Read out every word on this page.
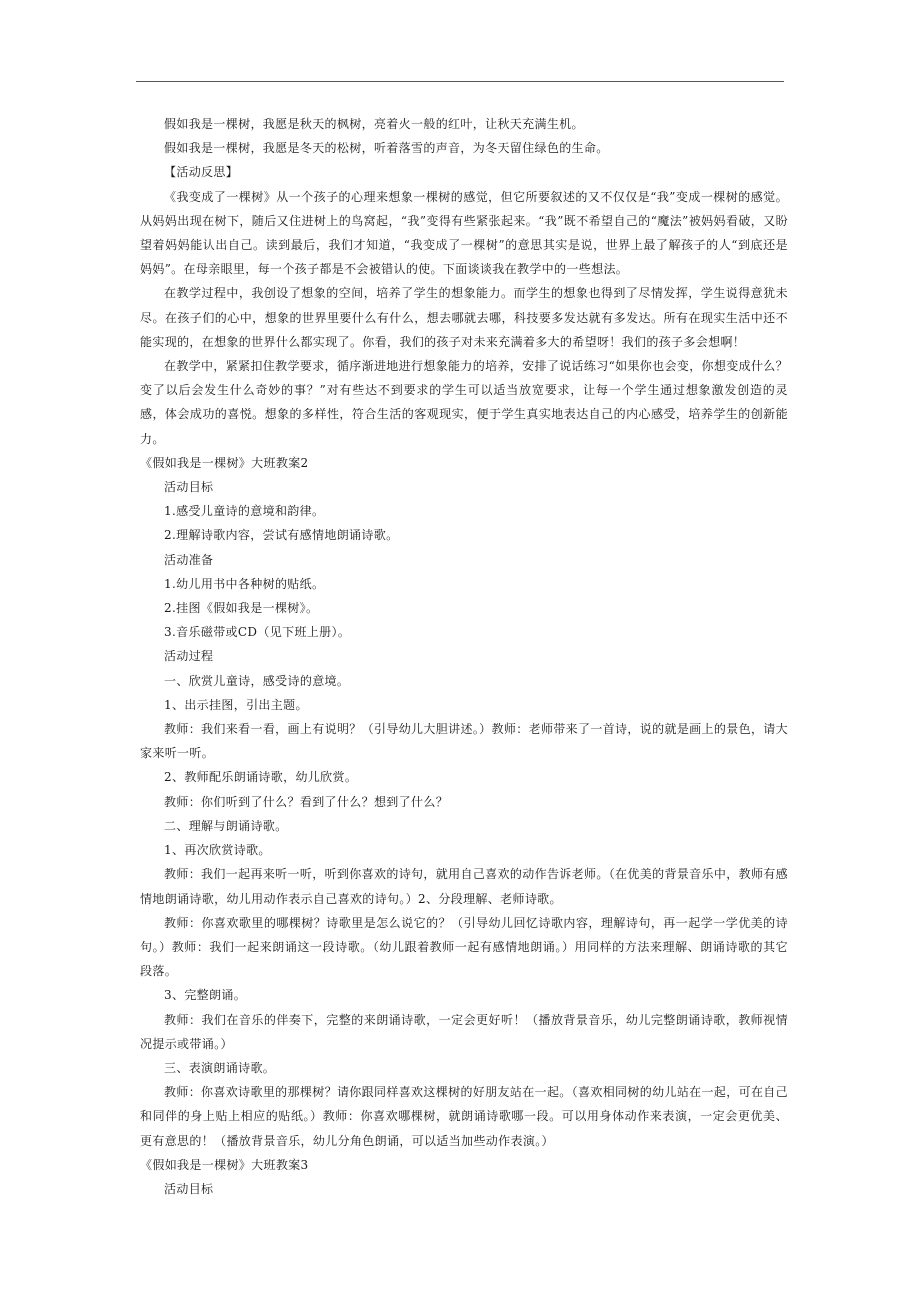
假如我是一棵树，我愿是秋天的枫树，亮着火一般的红叶，让秋天充满生机。

假如我是一棵树，我愿是冬天的松树，听着落雪的声音，为冬天留住绿色的生命。

【活动反思】

《我变成了一棵树》从一个孩子的心理来想象一棵树的感觉，但它所要叙述的又不仅仅是“我”变成一棵树的感觉。从妈妈出现在树下，随后又住进树上的鸟窝起，“我”变得有些紧张起来。“我”既不希望自己的“魔法”被妈妈看破，又盼望着妈妈能认出自己。读到最后，我们才知道，“我变成了一棵树”的意思其实是说，世界上最了解孩子的人“到底还是妈妈”。在母亲眼里，每一个孩子都是不会被错认的使。下面谈谈我在教学中的一些想法。

在教学过程中，我创设了想象的空间，培养了学生的想象能力。而学生的想象也得到了尽情发挥，学生说得意犹未尽。在孩子们的心中，想象的世界里要什么有什么，想去哪就去哪，科技要多发达就有多发达。所有在现实生活中还不能实现的，在想象的世界什么都实现了。你看，我们的孩子对未来充满着多大的希望呀！我们的孩子多会想啊！

在教学中，紧紧扣住教学要求，循序渐进地进行想象能力的培养，安排了说话练习“如果你也会变，你想变成什么？变了以后会发生什么奇妙的事？”对有些达不到要求的学生可以适当放宽要求，让每一个学生通过想象激发创造的灵感，体会成功的喜悦。想象的多样性，符合生活的客观现实，便于学生真实地表达自己的内心感受，培养学生的创新能力。

《假如我是一棵树》大班教案2

活动目标

1.感受儿童诗的意境和韵律。

2.理解诗歌内容，尝试有感情地朗诵诗歌。

活动准备

1.幼儿用书中各种树的贴纸。

2.挂图《假如我是一棵树》。

3.音乐磁带或CD（见下班上册）。

活动过程

一、欣赏儿童诗，感受诗的意境。

1、出示挂图，引出主题。

教师：我们来看一看，画上有说明？（引导幼儿大胆讲述。）教师：老师带来了一首诗，说的就是画上的景色，请大家来听一听。

2、教师配乐朗诵诗歌，幼儿欣赏。

教师：你们听到了什么？看到了什么？想到了什么？

二、理解与朗诵诗歌。

1、再次欣赏诗歌。

教师：我们一起再来听一听，听到你喜欢的诗句，就用自己喜欢的动作告诉老师。（在优美的背景音乐中，教师有感情地朗诵诗歌，幼儿用动作表示自己喜欢的诗句。）2、分段理解、老师诗歌。

教师：你喜欢歌里的哪棵树？诗歌里是怎么说它的？（引导幼儿回忆诗歌内容，理解诗句，再一起学一学优美的诗句。）教师：我们一起来朗诵这一段诗歌。（幼儿跟着教师一起有感情地朗诵。）用同样的方法来理解、朗诵诗歌的其它段落。

3、完整朗诵。

教师：我们在音乐的伴奏下，完整的来朗诵诗歌，一定会更好听！（播放背景音乐，幼儿完整朗诵诗歌，教师视情况提示或带诵。）

三、表演朗诵诗歌。

教师：你喜欢诗歌里的那棵树？请你跟同样喜欢这棵树的好朋友站在一起。（喜欢相同树的幼儿站在一起，可在自己和同伴的身上贴上相应的贴纸。）教师：你喜欢哪棵树，就朗诵诗歌哪一段。可以用身体动作来表演，一定会更优美、更有意思的！（播放背景音乐，幼儿分角色朗诵，可以适当加些动作表演。）

《假如我是一棵树》大班教案3

活动目标
